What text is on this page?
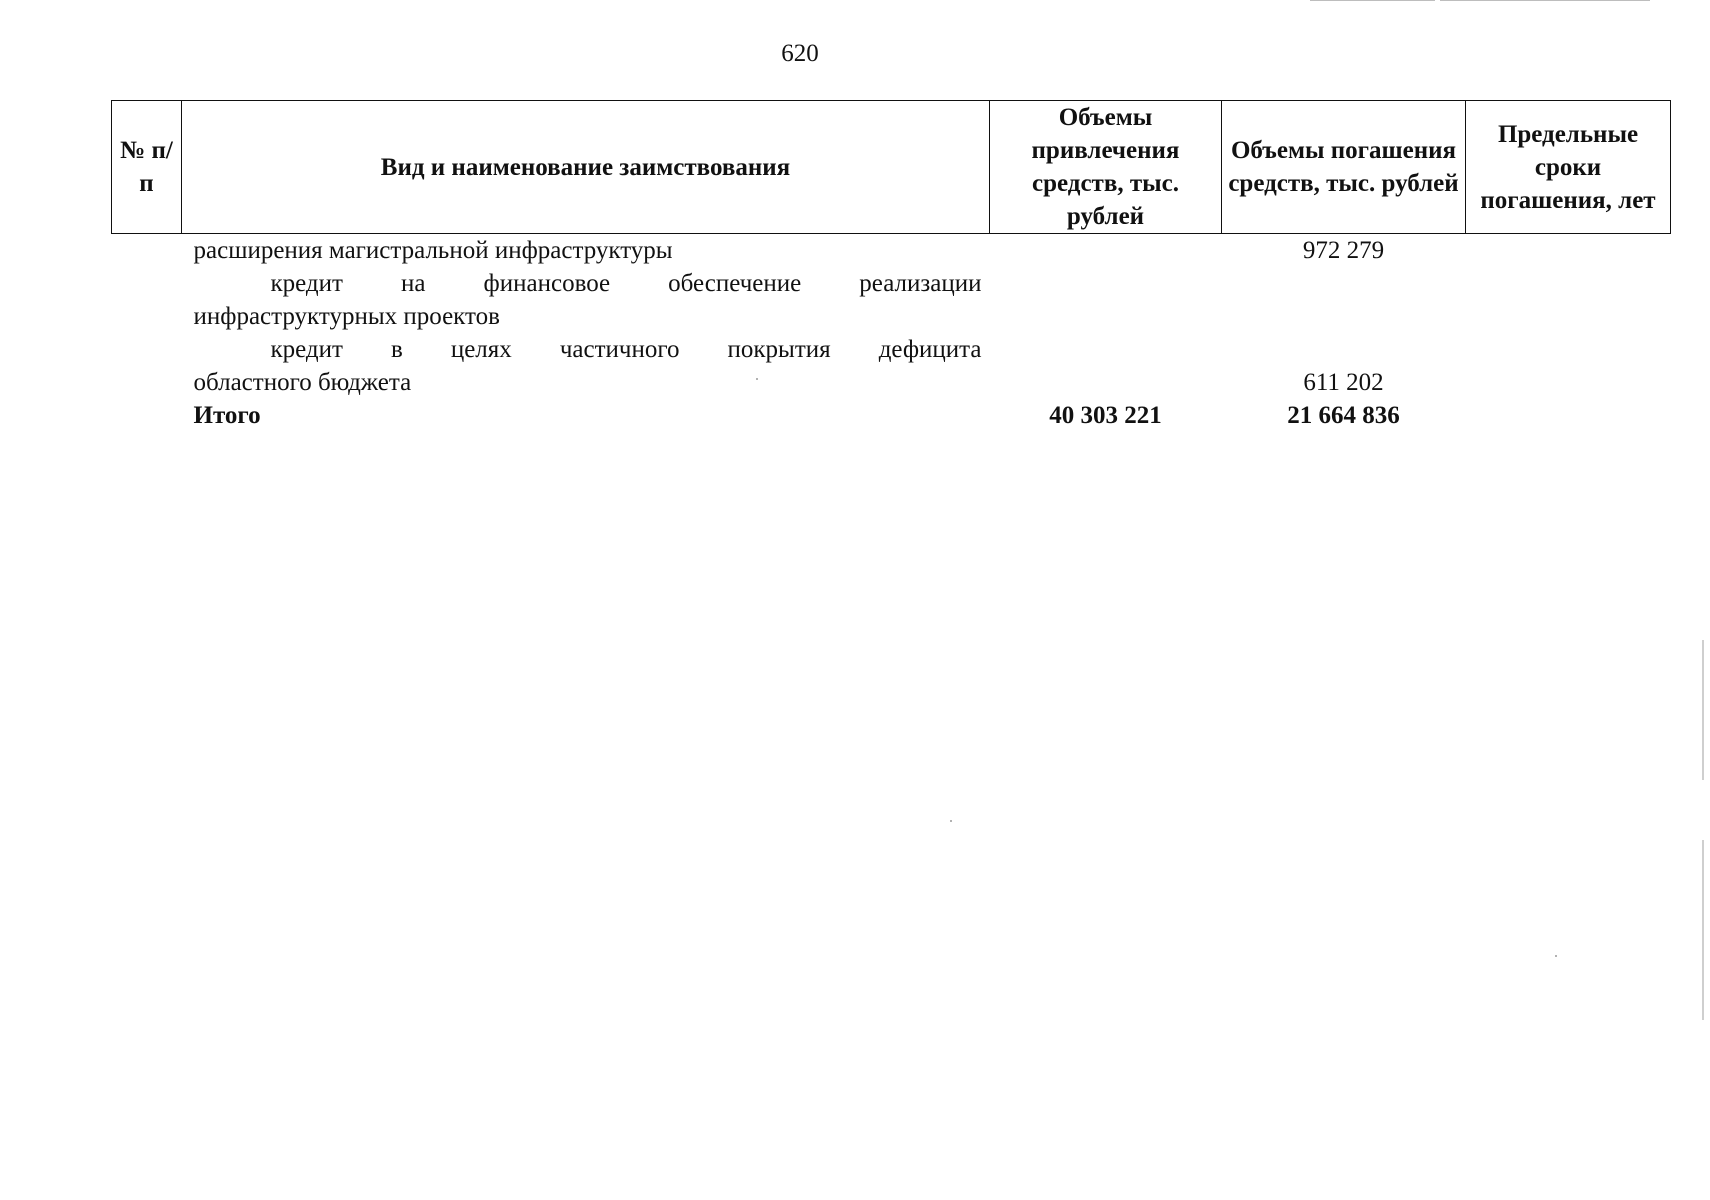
620
№ п/п	Вид и наименование заимствования	Объемы привлечения средств, тыс. рублей	Объемы погашения средств, тыс. рублей	Предельные сроки погашения, лет
	расширения магистральной инфраструктуры		972 279	

	кредит на финансовое обеспечение реализации
инфраструктурных проектов			

	кредит в целях частичного покрытия дефицита
областного бюджета		611 202	
	Итого	40 303 221	21 664 836	
